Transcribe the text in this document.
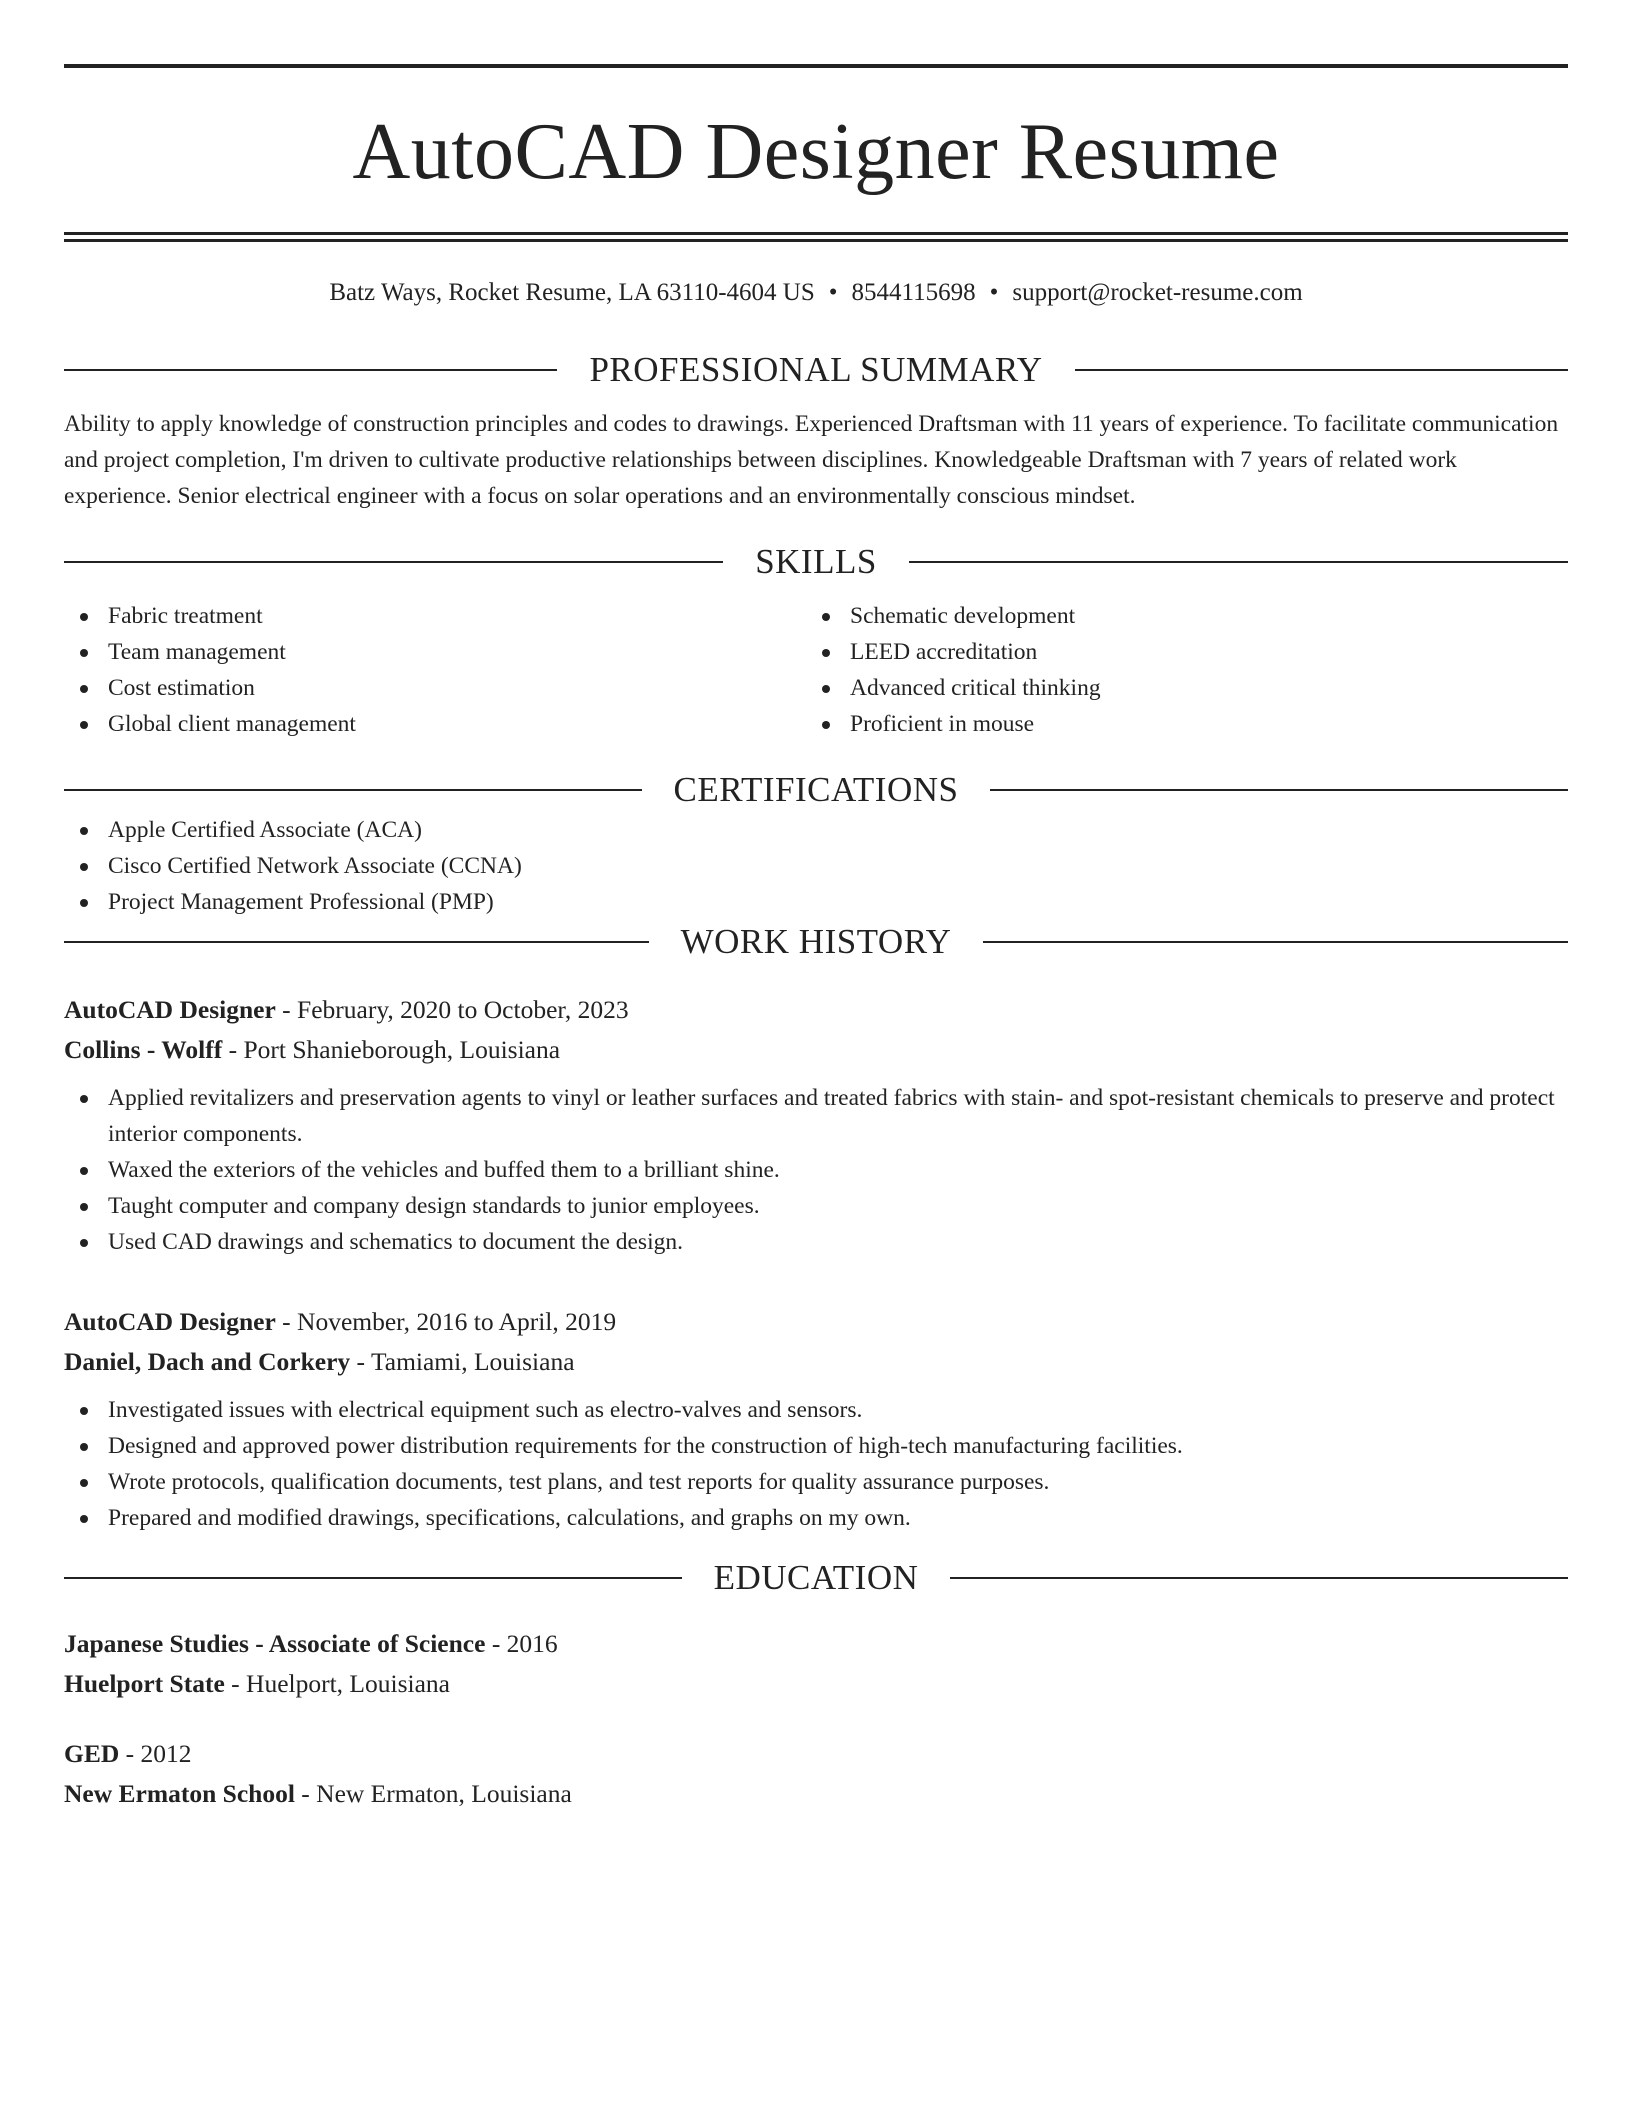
AutoCAD Designer Resume
Batz Ways, Rocket Resume, LA 63110-4604 US • 8544115698 • support@rocket-resume.com
PROFESSIONAL SUMMARY

Ability to apply knowledge of construction principles and codes to drawings. Experienced Draftsman with 11 years of experience. To facilitate communication and project completion, I'm driven to cultivate productive relationships between disciplines. Knowledgeable Draftsman with 7 years of related work experience. Senior electrical engineer with a focus on solar operations and an environmentally conscious mindset.

SKILLS
Fabric treatment
Team management
Cost estimation
Global client management
Schematic development
LEED accreditation
Advanced critical thinking
Proficient in mouse
CERTIFICATIONS
Apple Certified Associate (ACA)
Cisco Certified Network Associate (CCNA)
Project Management Professional (PMP)
WORK HISTORY
AutoCAD Designer - February, 2020 to October, 2023
Collins - Wolff - Port Shanieborough, Louisiana
Applied revitalizers and preservation agents to vinyl or leather surfaces and treated fabrics with stain- and spot-resistant chemicals to preserve and protect interior components.
Waxed the exteriors of the vehicles and buffed them to a brilliant shine.
Taught computer and company design standards to junior employees.
Used CAD drawings and schematics to document the design.
AutoCAD Designer - November, 2016 to April, 2019
Daniel, Dach and Corkery - Tamiami, Louisiana
Investigated issues with electrical equipment such as electro-valves and sensors.
Designed and approved power distribution requirements for the construction of high-tech manufacturing facilities.
Wrote protocols, qualification documents, test plans, and test reports for quality assurance purposes.
Prepared and modified drawings, specifications, calculations, and graphs on my own.
EDUCATION
Japanese Studies - Associate of Science - 2016
Huelport State - Huelport, Louisiana
GED - 2012
New Ermaton School - New Ermaton, Louisiana
